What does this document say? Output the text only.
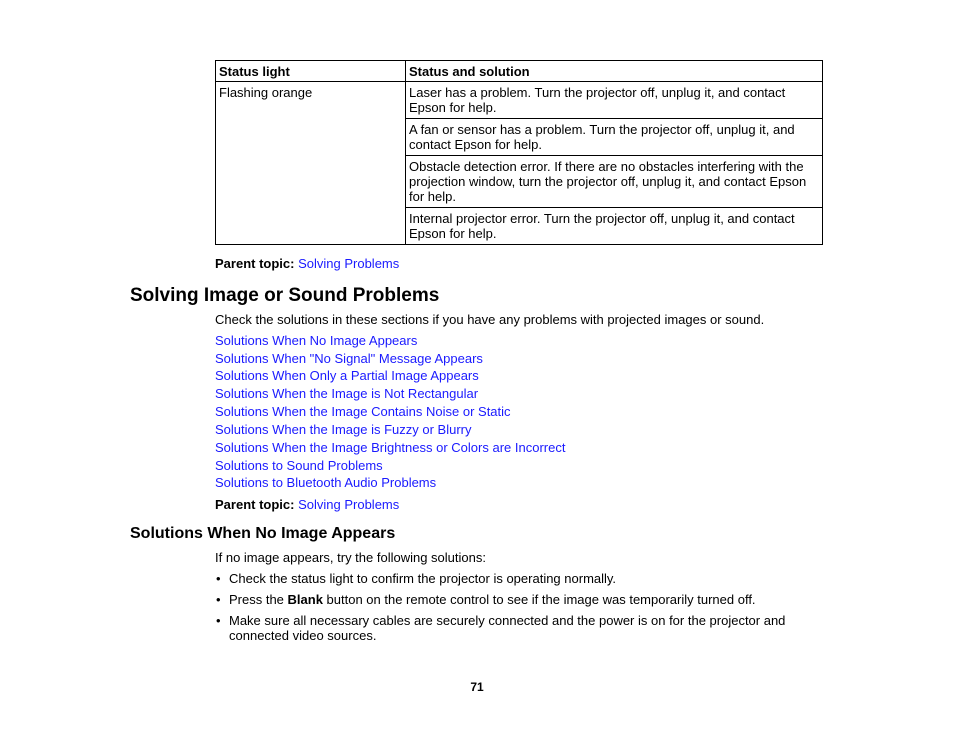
Status light	Status and solution
Flashing orange	Laser has a problem. Turn the projector off, unplug it, and contact Epson for help.
	A fan or sensor has a problem. Turn the projector off, unplug it, and contact Epson for help.
	Obstacle detection error. If there are no obstacles interfering with the projection window, turn the projector off, unplug it, and contact Epson for help.
	Internal projector error. Turn the projector off, unplug it, and contact Epson for help.
Parent topic: Solving Problems
Solving Image or Sound Problems
Check the solutions in these sections if you have any problems with projected images or sound.
Solutions When No Image Appears
Solutions When "No Signal" Message Appears
Solutions When Only a Partial Image Appears
Solutions When the Image is Not Rectangular
Solutions When the Image Contains Noise or Static
Solutions When the Image is Fuzzy or Blurry
Solutions When the Image Brightness or Colors are Incorrect
Solutions to Sound Problems
Solutions to Bluetooth Audio Problems
Parent topic: Solving Problems
Solutions When No Image Appears
If no image appears, try the following solutions:
• Check the status light to confirm the projector is operating normally.
• Press the Blank button on the remote control to see if the image was temporarily turned off.
• Make sure all necessary cables are securely connected and the power is on for the projector and connected video sources.
71
